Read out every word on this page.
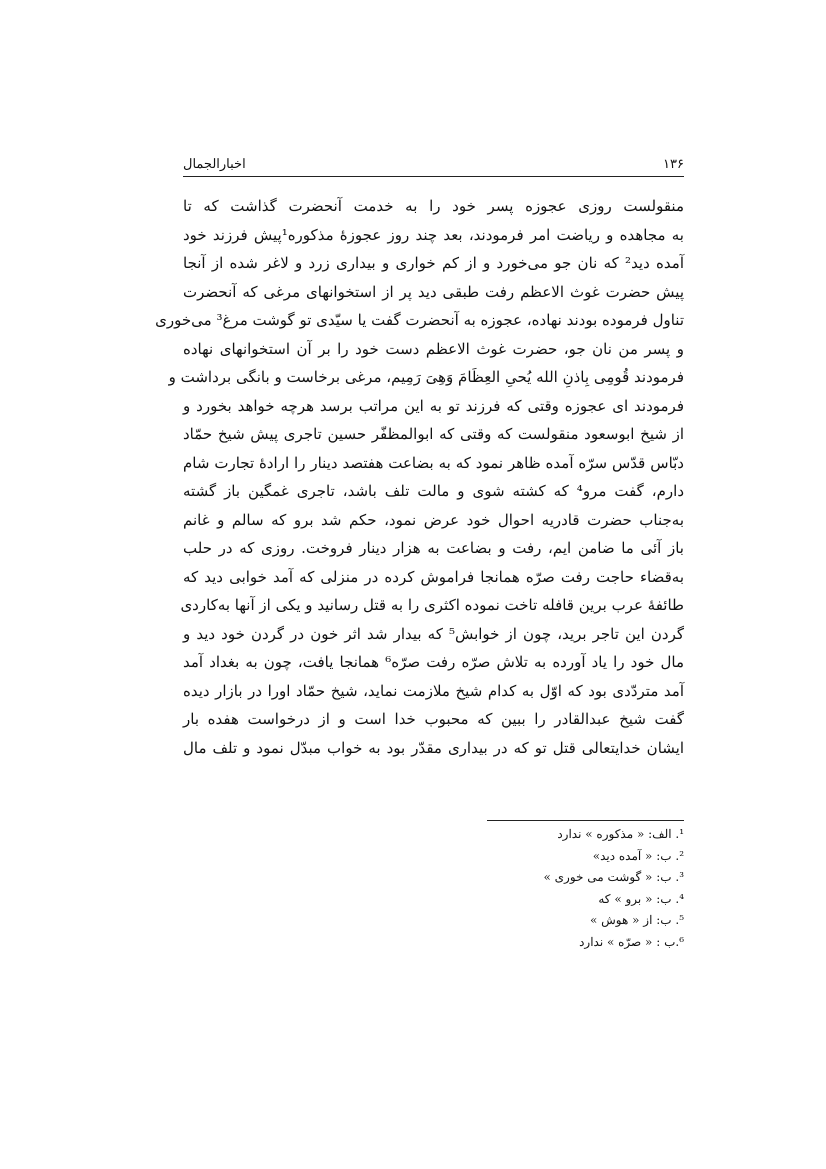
۱۳۶
اخبارالجمال
منقولست روزی عجوزه پسر خود را به خدمت آنحضرت گذاشت که تا
به مجاهده و ریاضت امر فرمودند، بعد چند روز عجوزهٔ مذکوره¹پیش فرزند خود
آمده دید² که نان جو می‌خورد و از کم خواری و بیداری زرد و لاغر شده از آنجا
پیش حضرت غوث الاعظم رفت طبقی دید پر از استخوانهای مرغی که آنحضرت
تناول فرموده بودند نهاده، عجوزه به آنحضرت گفت یا سیّدی تو گوشت مرغ³ می‌خوری
و پسر من نان جو، حضرت غوث الاعظم دست خود را بر آن استخوانهای نهاده
فرمودند قُومِی بِاذنِ الله یُحیِ العِظَامَ وَهِیَ رَمِیم، مرغی برخاست و بانگی برداشت و
فرمودند ای عجوزه وقتی که فرزند تو به این مراتب برسد هرچه خواهد بخورد و
از شیخ ابوسعود منقولست که وقتی که ابوالمظفّر حسین تاجری پیش شیخ حمّاد
دبّاس قدّس سرّه آمده ظاهر نمود که به بضاعت هفتصد دینار را ارادهٔ تجارت شام
دارم، گفت مرو⁴ که کشته شوی و مالت تلف باشد، تاجری غمگین باز گشته
به‌جناب حضرت قادریه احوال خود عرض نمود، حکم شد برو که سالم و غانم
باز آئی ما ضامن ایم، رفت و بضاعت به هزار دینار فروخت. روزی که در حلب
به‌قضاء حاجت رفت صرّه همانجا فراموش کرده در منزلی که آمد خوابی دید که
طائفهٔ عرب برین قافله تاخت نموده اکثری را به قتل رسانید و یکی از آنها به‌کاردی
گردن این تاجر برید، چون از خوابش⁵ که بیدار شد اثر خون در گردن خود دید و
مال خود را یاد آورده به تلاش صرّه رفت صرّه⁶ همانجا یافت، چون به بغداد آمد
آمد متردّدی بود که اوّل به کدام شیخ ملازمت نماید، شیخ حمّاد اورا در بازار دیده
گفت شیخ عبدالقادر را ببین که محبوب خدا است و از درخواست هفده بار
ایشان خدایتعالی قتل تو که در بیداری مقدّر بود به خواب مبدّل نمود و تلف مال
¹. الف: « مذکوره » ندارد
². ب: « آمده دید»
³. ب: « گوشت می خوری »
⁴. ب: « برو » که
⁵. ب: از « هوش »
⁶.ب : « صرّه » ندارد
